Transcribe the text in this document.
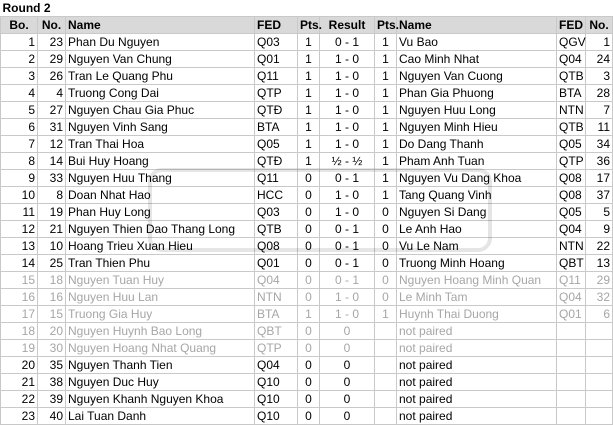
Round 2									
Bo.	No.	Name	FED	Pts.	Result	Pts.	Name	FED	No.
1	23	Phan Du Nguyen	Q03	1	0 - 1	1	Vu Bao	QGV	1
2	29	Nguyen Van Chung	Q01	1	1 - 0	1	Cao Minh Nhat	Q04	24
3	26	Tran Le Quang Phu	Q11	1	1 - 0	1	Nguyen Van Cuong	QTB	3
4	4	Truong Cong Dai	QTP	1	1 - 0	1	Phan Gia Phuong	BTA	28
5	27	Nguyen Chau Gia Phuc	QTĐ	1	1 - 0	1	Nguyen Huu Long	NTN	7
6	31	Nguyen Vinh Sang	BTA	1	1 - 0	1	Nguyen Minh Hieu	QTB	11
7	12	Tran Thai Hoa	Q05	1	1 - 0	1	Do Dang Thanh	Q05	34
8	14	Bui Huy Hoang	QTĐ	1	½ - ½	1	Pham Anh Tuan	QTP	36
9	33	Nguyen Huu Thang	Q11	0	0 - 1	1	Nguyen Vu Dang Khoa	Q08	17
10	8	Doan Nhat Hao	HCC	0	1 - 0	1	Tang Quang Vinh	Q08	37
11	19	Phan Huy Long	Q03	0	1 - 0	0	Nguyen Si Dang	Q05	5
12	21	Nguyen Thien Dao Thang Long	QTB	0	0 - 1	0	Le Anh Hao	Q04	9
13	10	Hoang Trieu Xuan Hieu	Q08	0	0 - 1	0	Vu Le Nam	NTN	22
14	25	Tran Thien Phu	Q01	0	0 - 1	0	Truong Minh Hoang	QBT	13
15	18	Nguyen Tuan Huy	Q04	0	0 - 1	0	Nguyen Hoang Minh Quan	Q11	29
16	16	Nguyen Huu Lan	NTN	0	1 - 0	0	Le Minh Tam	Q04	32
17	15	Truong Gia Huy	BTA	1	1 - 0	1	Huynh Thai Duong	Q01	6
18	20	Nguyen Huynh Bao Long	QBT	0	0		not paired		
19	30	Nguyen Hoang Nhat Quang	QTP	0	0		not paired		
20	35	Nguyen Thanh Tien	Q04	0	0		not paired		
21	38	Nguyen Duc Huy	Q10	0	0		not paired		
22	39	Nguyen Khanh Nguyen Khoa	Q10	0	0		not paired		
23	40	Lai Tuan Danh	Q10	0	0		not paired		
